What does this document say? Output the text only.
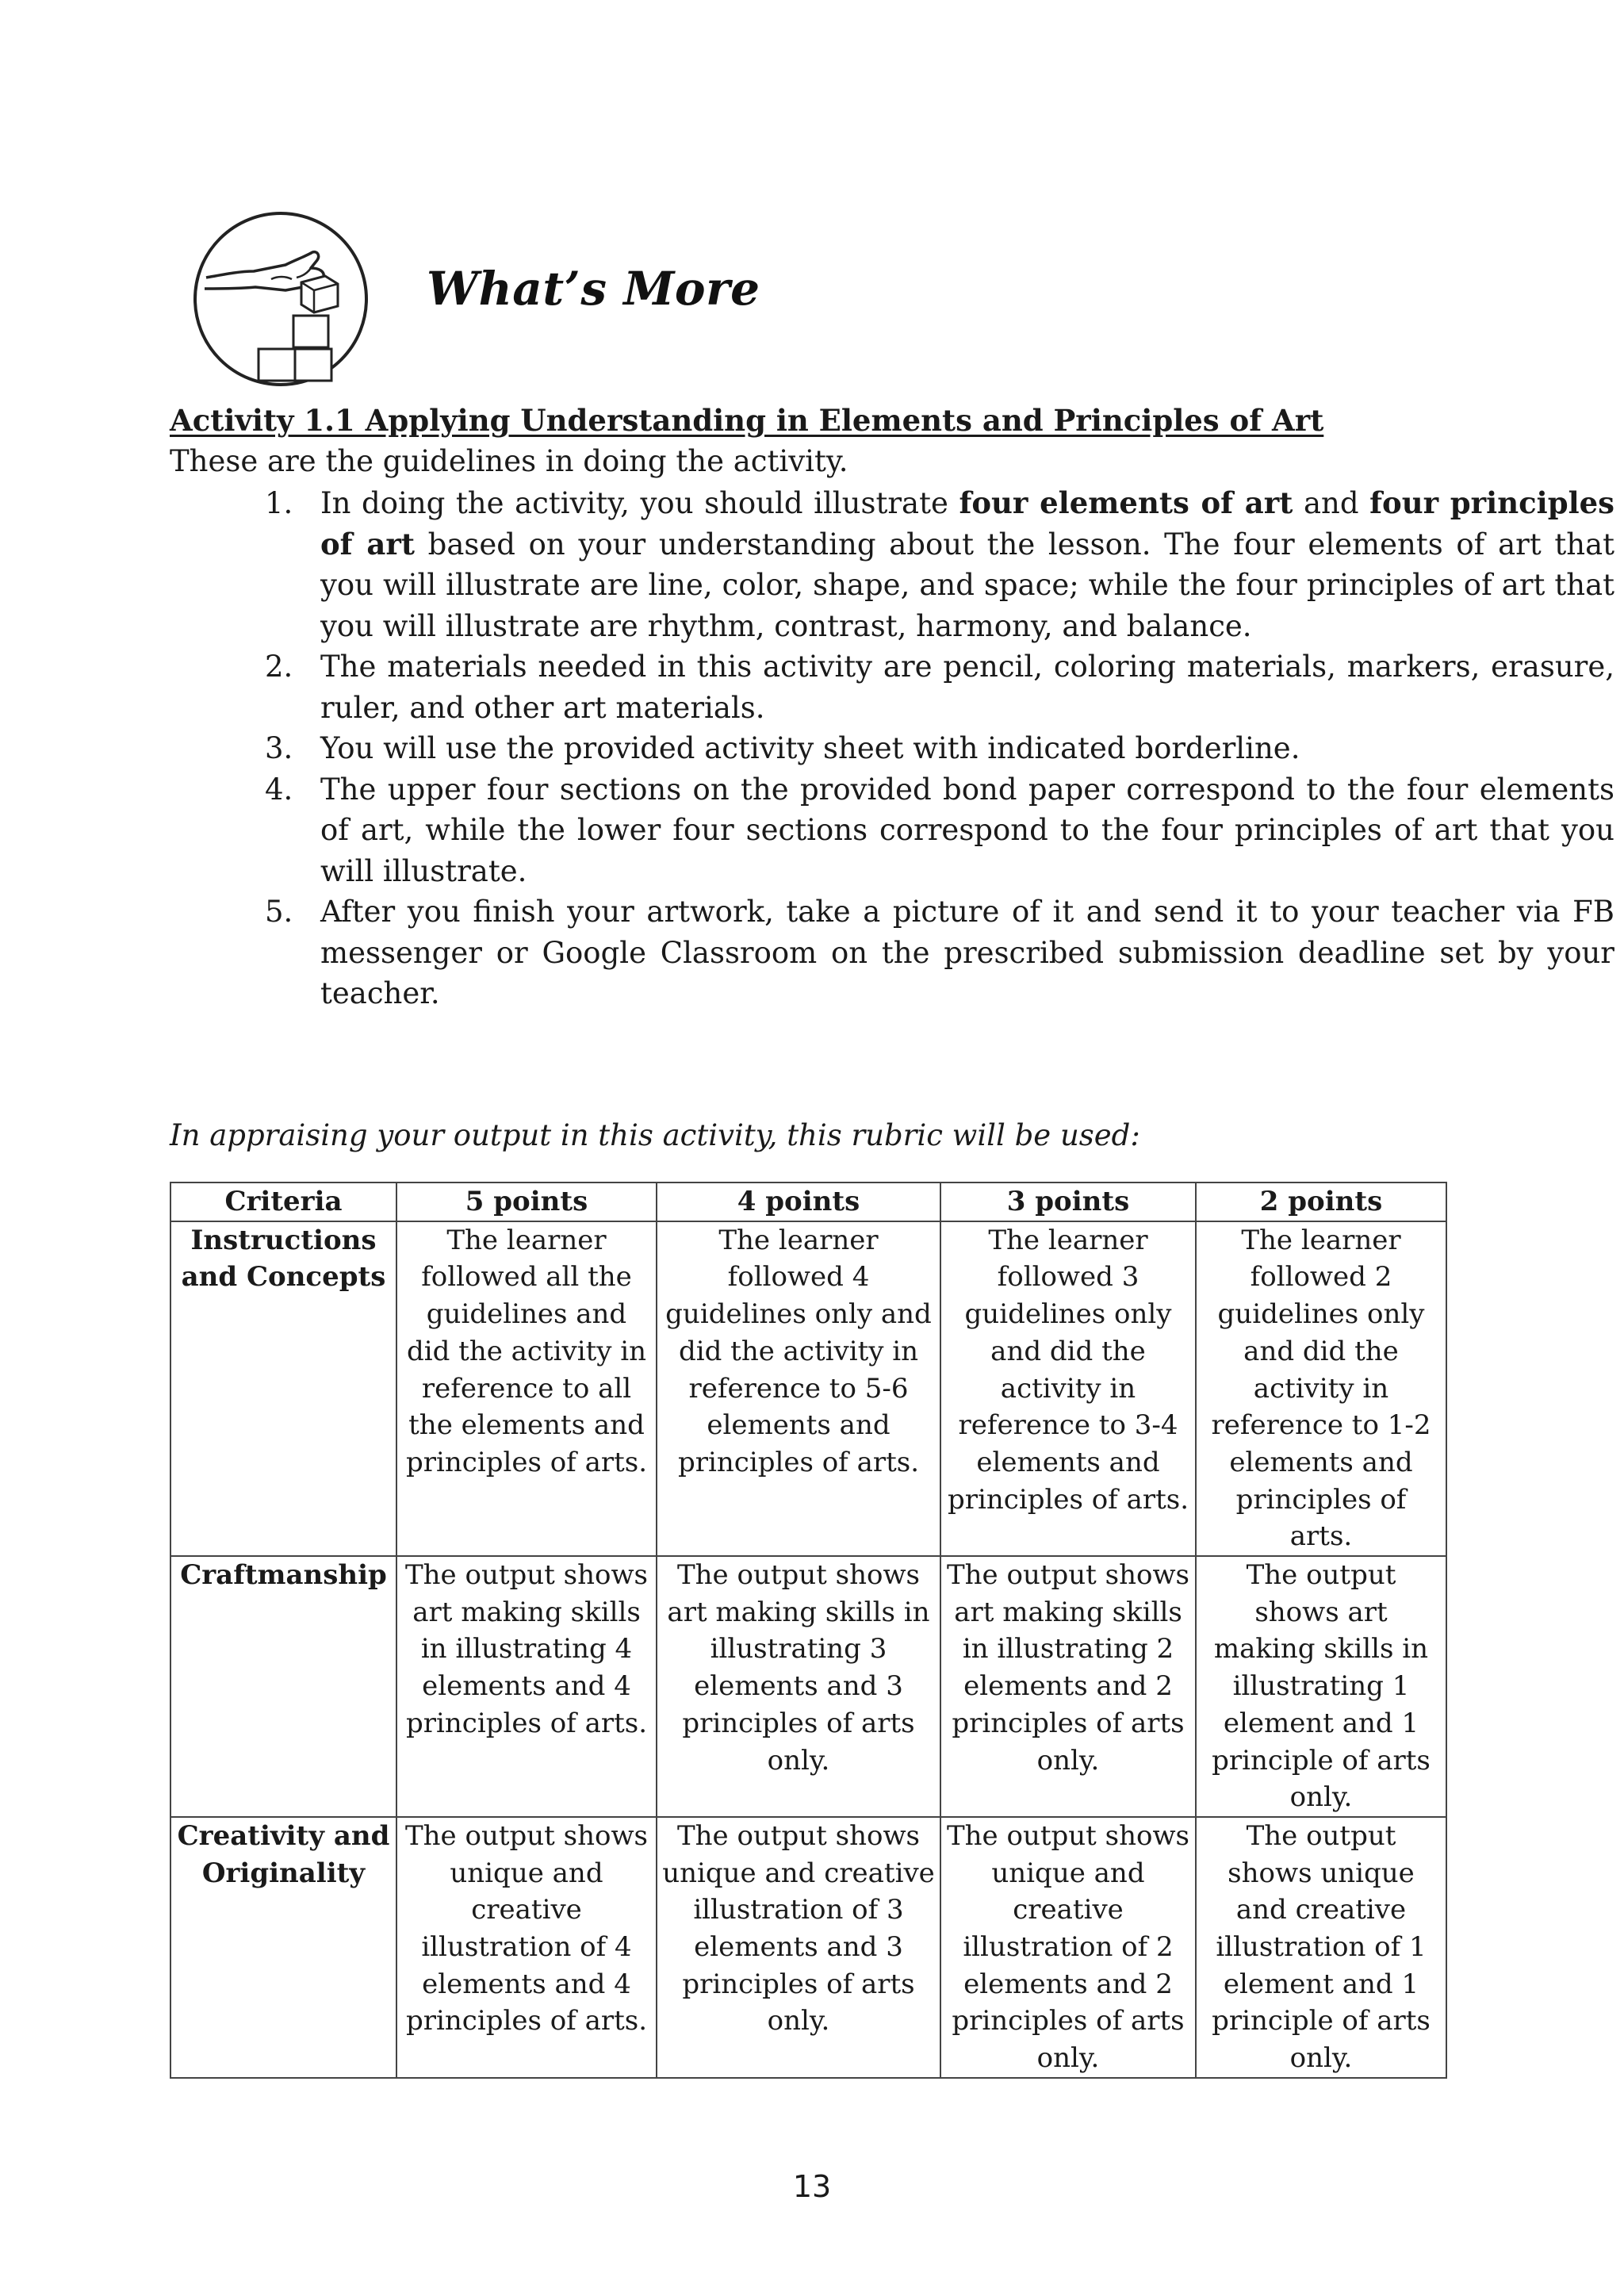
What’s More
Activity 1.1 Applying Understanding in Elements and Principles of Art
These are the guidelines in doing the activity.
1. In doing the activity, you should illustrate four elements of art and four principles of art based on your understanding about the lesson. The four elements of art that you will illustrate are line, color, shape, and space; while the four principles of art that you will illustrate are rhythm, contrast, harmony, and balance.
2. The materials needed in this activity are pencil, coloring materials, markers, erasure, ruler, and other art materials.
3. You will use the provided activity sheet with indicated borderline.
4. The upper four sections on the provided bond paper correspond to the four elements of art, while the lower four sections correspond to the four principles of art that you will illustrate.
5. After you finish your artwork, take a picture of it and send it to your teacher via FB messenger or Google Classroom on the prescribed submission deadline set by your teacher.
In appraising your output in this activity, this rubric will be used:
Criteria	5 points	4 points	3 points	2 points
Instructions and Concepts	The learner followed all the guidelines and did the activity in reference to all the elements and principles of arts.	The learner followed 4 guidelines only and did the activity in reference to 5-6 elements and principles of arts.	The learner followed 3 guidelines only and did the activity in reference to 3-4 elements and principles of arts.	The learner followed 2 guidelines only and did the activity in reference to 1-2 elements and principles of arts.
Craftmanship	The output shows art making skills in illustrating 4 elements and 4 principles of arts.	The output shows art making skills in illustrating 3 elements and 3 principles of arts only.	The output shows art making skills in illustrating 2 elements and 2 principles of arts only.	The output shows art making skills in illustrating 1 element and 1 principle of arts only.
Creativity and Originality	The output shows unique and creative illustration of 4 elements and 4 principles of arts.	The output shows unique and creative illustration of 3 elements and 3 principles of arts only.	The output shows unique and creative illustration of 2 elements and 2 principles of arts only.	The output shows unique and creative illustration of 1 element and 1 principle of arts only.
13
